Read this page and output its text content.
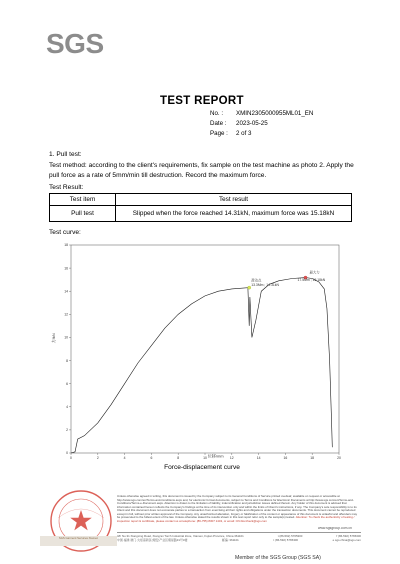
SGS
TEST REPORT
No. :	XMIN2305000955ML01_EN
Date :	2023-05-25
Page :	2 of 3
1. Pull test:
Test method: according to the client's requirements, fix sample on the test machine as photo 2. Apply the pull force as a rate of 5mm/min till destruction. Record the maximum force.
Test Result:
Test item	Test result
Pull test	Slipped when the force reached 14.31kN, maximum force was 15.18kN
Test curve:
0	2	4	6	8	10	12	14	16	18	20
0
2
4
6
8
10
12
14
16
18
滑动点
13.3Mm ; 14.31kN
最大力
17.5Mm ; 15.18kN
位移/mm
力/kN
Force-displacement curve
SGS Garment Services Xiamen
Unless otherwise agreed in writing, this document is issued by the Company subject to its General Conditions of Service printed overleaf, available on request or accessible at http://www.sgs.com/en/Terms-and-Conditions.aspx and, for electronic format documents, subject to Terms and Conditions for Electronic Documents at http://www.sgs.com/en/Terms-and-Conditions/Terms-e-Document.aspx. Attention is drawn to the limitation of liability, indemnification and jurisdiction issues defined therein. Any holder of this document is advised that information contained hereon reflects the Company's findings at the time of its intervention only and within the limits of Client's instructions, if any. The Company's sole responsibility is to its Client and this document does not exonerate parties to a transaction from exercising all their rights and obligations under the transaction documents. This document cannot be reproduced except in full, without prior written approval of the Company. Any unauthorized alteration, forgery or falsification of the content or appearance of this document is unlawful and offenders may be prosecuted to the fullest extent of the law. Unless otherwise stated the results shown in this test report refer only to the sample(s) tested. Attention: To check the authenticity of testing / inspection report & certificate, please contact us at telephone: (86-755) 8307 1443, or email: CN.Doccheck@sgs.com
www.sgsgroup.com.cn
3/F No.31 Xiangxing Road, Xiang'an Torch Industrial Zone, Xiamen, Fujian Province, China 361101	t (86-592) 5765300	f (86-592) 5765300
中国·福建·厦门·火炬高新区(翔安)产业区翔星路31号3楼	邮编: 361101	t (86-592) 5765300	e sgs.china@sgs.com
Member of the SGS Group (SGS SA)
